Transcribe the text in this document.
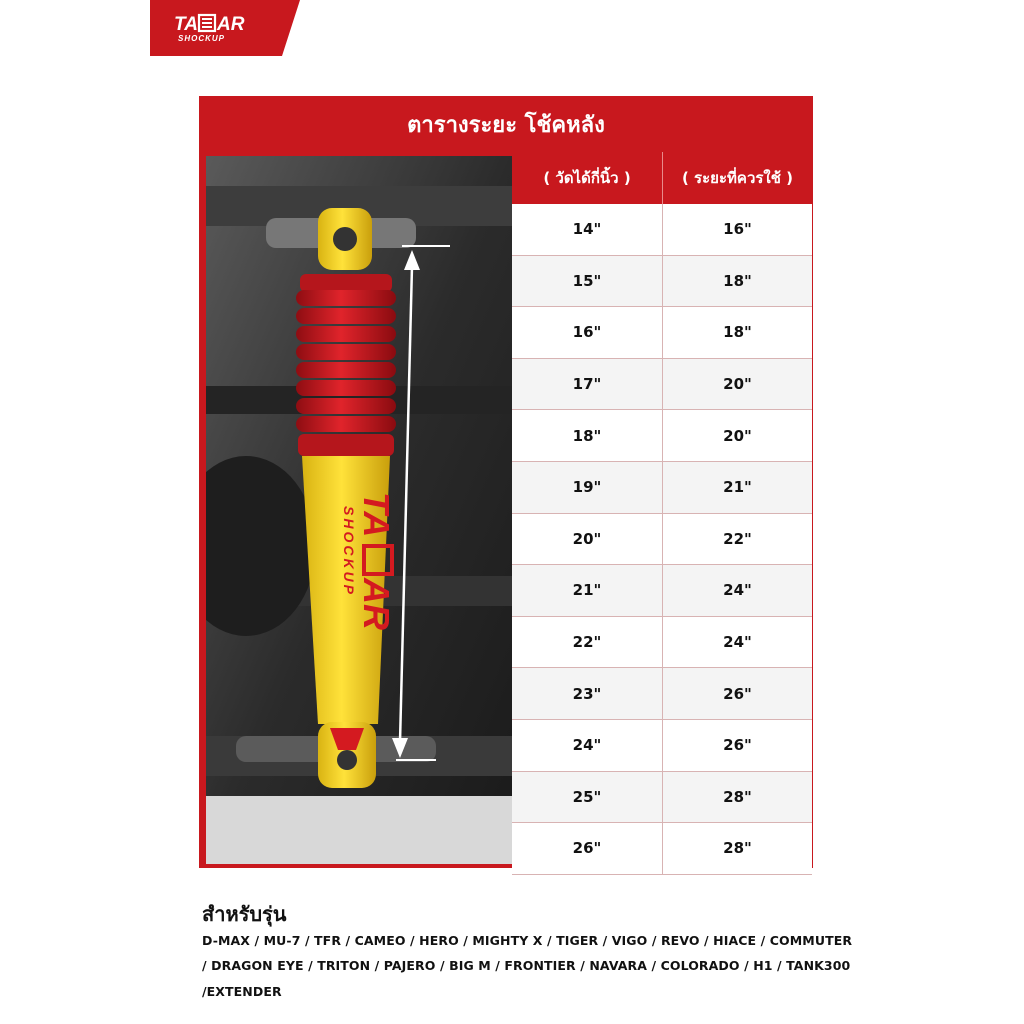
TA AR
SHOCKUP
ตารางระยะ โช้คหลัง
TA
AR
SHOCKUP
( วัดได้กี่นิ้ว )	( ระยะที่ควรใช้ )
14"	16"
15"	18"
16"	18"
17"	20"
18"	20"
19"	21"
20"	22"
21"	24"
22"	24"
23"	26"
24"	26"
25"	28"
26"	28"
สำหรับรุ่น
D-MAX / MU-7 / TFR / CAMEO / HERO / MIGHTY X / TIGER / VIGO / REVO / HIACE / COMMUTER
/ DRAGON EYE / TRITON / PAJERO / BIG M / FRONTIER / NAVARA / COLORADO / H1 / TANK300
/EXTENDER
